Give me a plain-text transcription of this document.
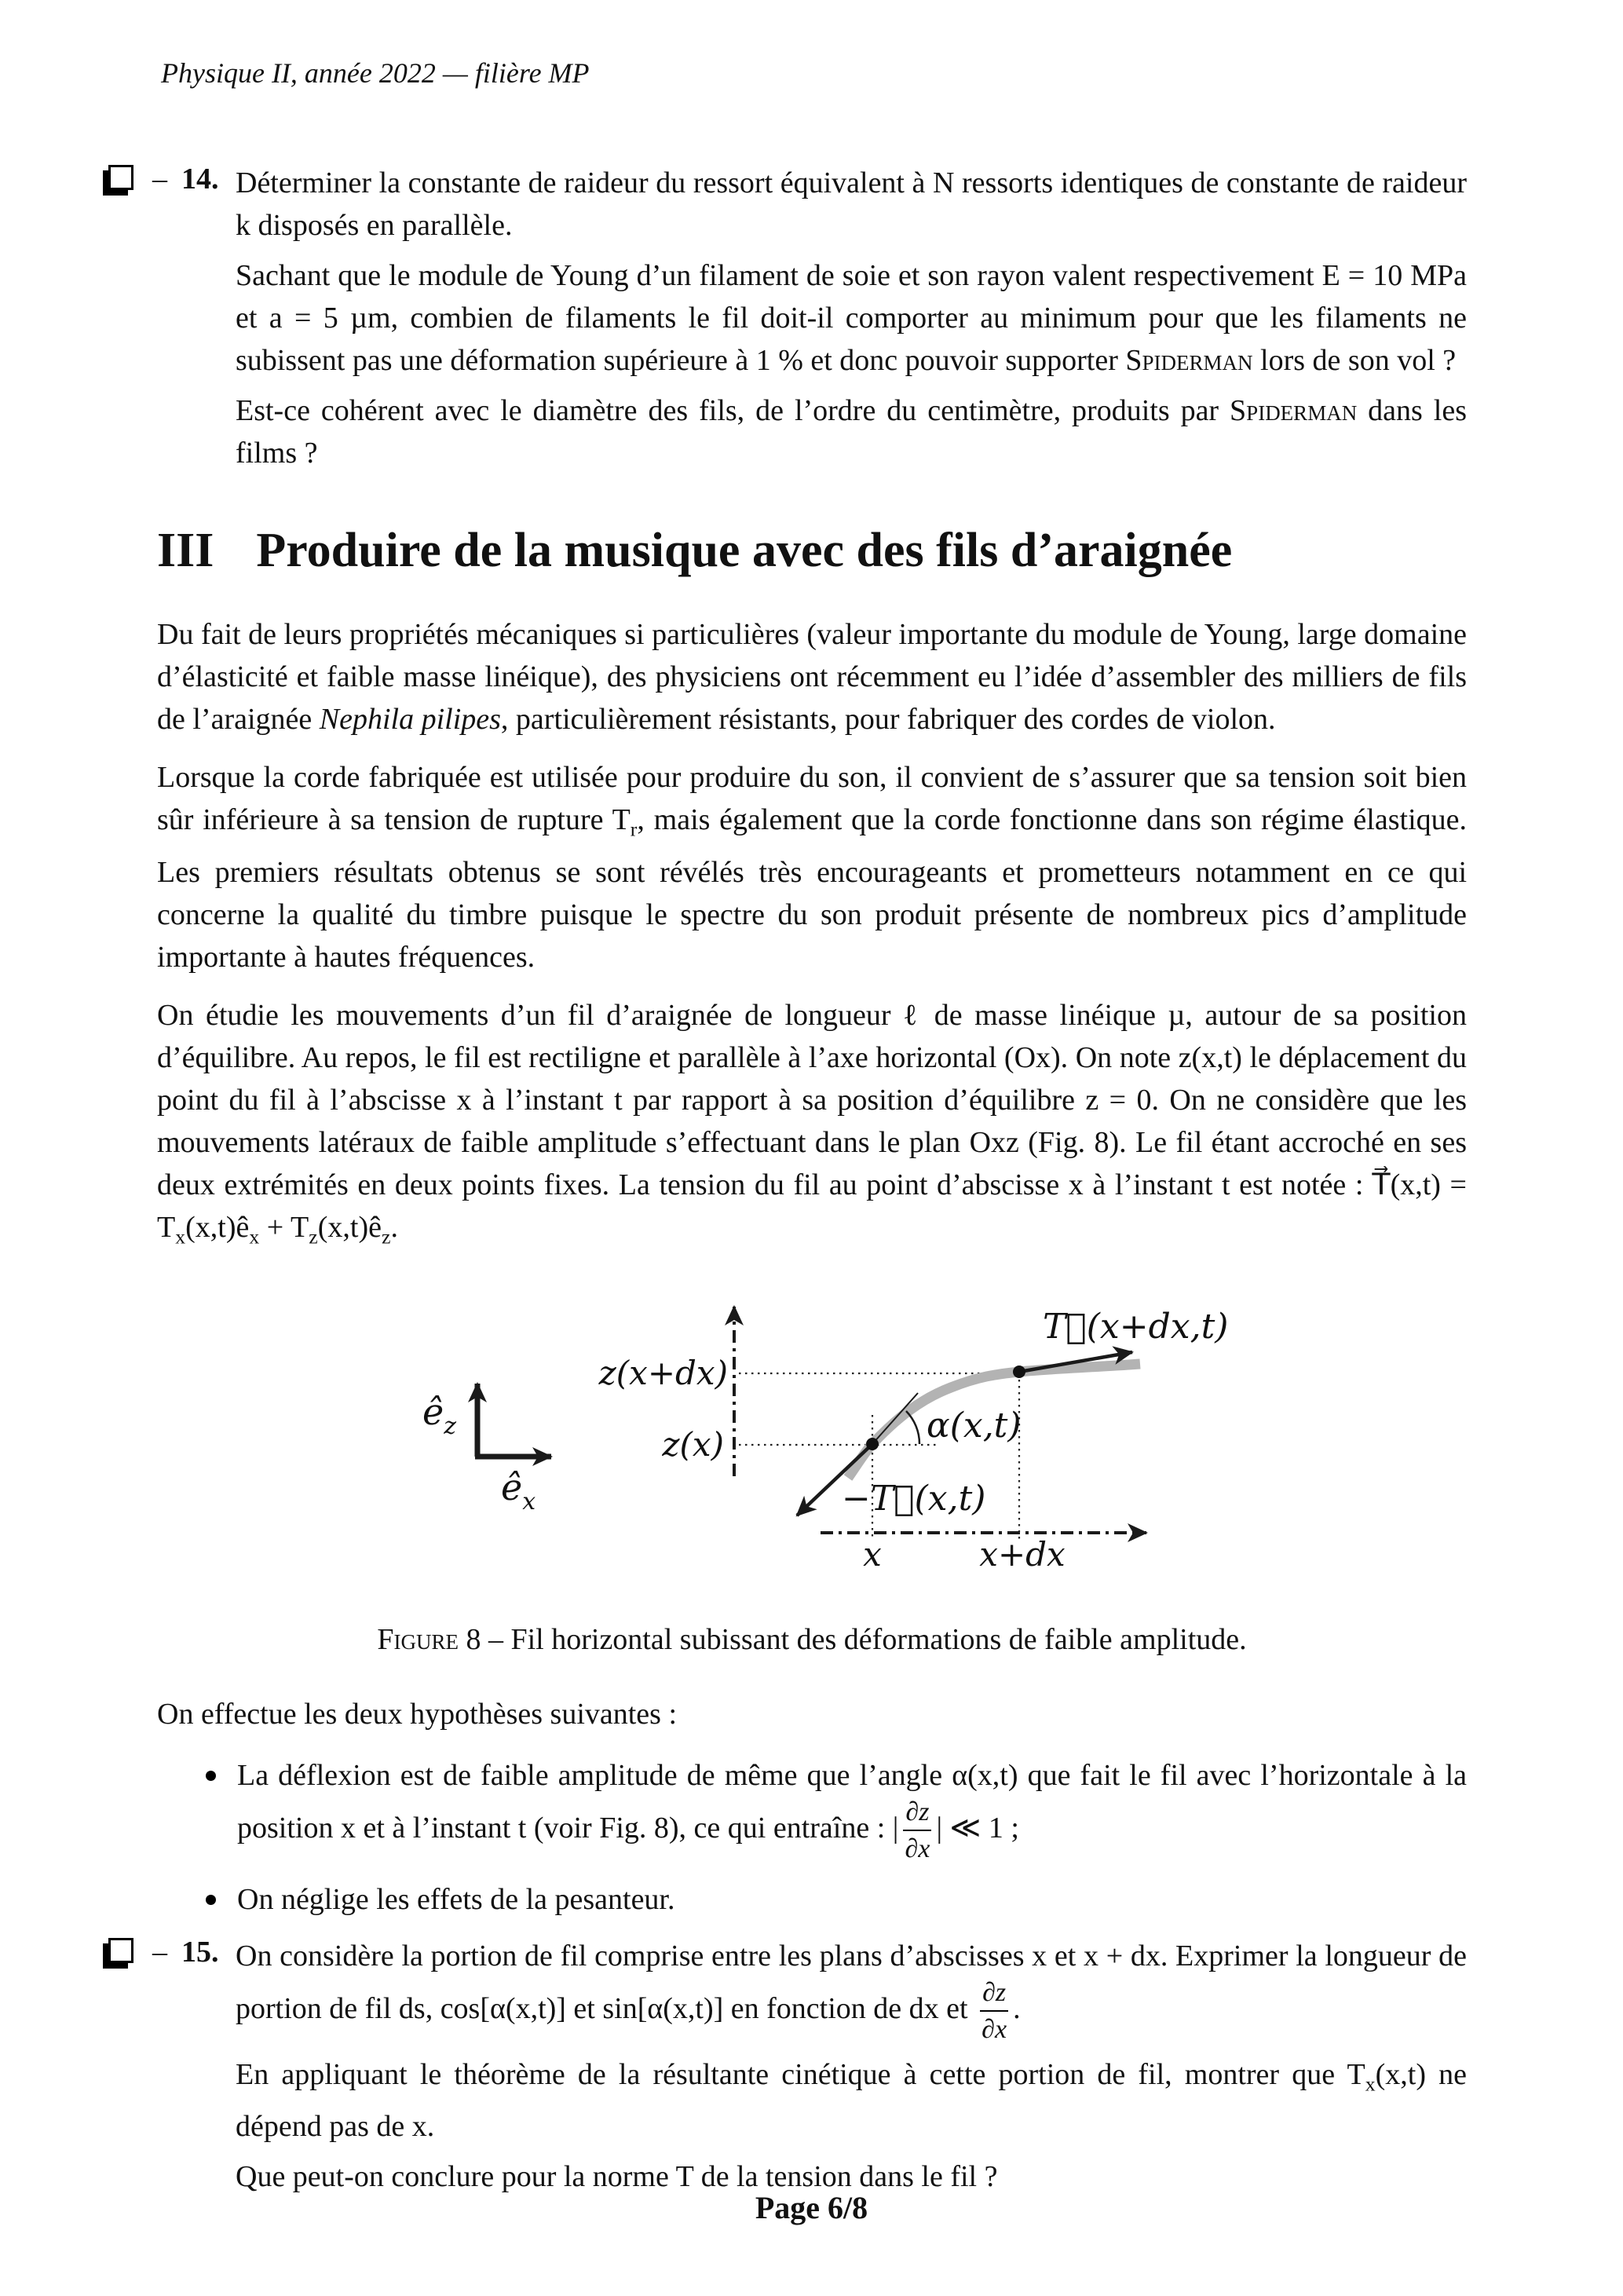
Physique II, année 2022 — filière MP
– 14. Déterminer la constante de raideur du ressort équivalent à N ressorts identiques de constante de raideur k disposés en parallèle.

Sachant que le module de Young d’un filament de soie et son rayon valent respectivement E = 10 MPa et a = 5 µm, combien de filaments le fil doit-il comporter au minimum pour que les filaments ne subissent pas une déformation supérieure à 1 % et donc pouvoir supporter Spiderman lors de son vol ?

Est-ce cohérent avec le diamètre des fils, de l’ordre du centimètre, produits par Spiderman dans les films ?

III Produire de la musique avec des fils d’araignée

Du fait de leurs propriétés mécaniques si particulières (valeur importante du module de Young, large domaine d’élasticité et faible masse linéique), des physiciens ont récemment eu l’idée d’assembler des milliers de fils de l’araignée Nephila pilipes, particulièrement résistants, pour fabriquer des cordes de violon.

Lorsque la corde fabriquée est utilisée pour produire du son, il convient de s’assurer que sa tension soit bien sûr inférieure à sa tension de rupture $T_r$, mais également que la corde fonctionne dans son régime élastique. Les premiers résultats obtenus se sont révélés très encourageants et prometteurs notamment en ce qui concerne la qualité du timbre puisque le spectre du son produit présente de nombreux pics d’amplitude importante à hautes fréquences.

On étudie les mouvements d’un fil d’araignée de longueur ℓ de masse linéique µ, autour de sa position d’équilibre. Au repos, le fil est rectiligne et parallèle à l’axe horizontal (Ox). On note z(x,t) le déplacement du point du fil à l’abscisse x à l’instant t par rapport à sa position d’équilibre z = 0. On ne considère que les mouvements latéraux de faible amplitude s’effectuant dans le plan Oxz (Fig. 8). Le fil étant accroché en ses deux extrémités en deux points fixes. La tension du fil au point d’abscisse x à l’instant t est notée : T⃗(x,t) = $T_x(x,t)ê_x$ + $T_z(x,t)ê_z$.

$ê_z$
$ê_x$
z(x+dx)
z(x)
T⃗(x+dx,t)
−T⃗(x,t)
α(x,t)
x	x+dx
Figure 8 – Fil horizontal subissant des déformations de faible amplitude.

On effectue les deux hypothèses suivantes :

La déflexion est de faible amplitude de même que l’angle α(x,t) que fait le fil avec l’horizontale à la position x et à l’instant t (voir Fig. 8), ce qui entraîne : | $\frac{\partial z}{\partial x}$ | ≪ 1 ;
On néglige les effets de la pesanteur.
– 15. On considère la portion de fil comprise entre les plans d’abscisses x et x + dx. Exprimer la longueur de portion de fil ds, cos[α(x,t)] et sin[α(x,t)] en fonction de dx et $\frac{\partial z}{\partial x}$ .

En appliquant le théorème de la résultante cinétique à cette portion de fil, montrer que $T_x(x,t)$ ne dépend pas de x.

Que peut-on conclure pour la norme T de la tension dans le fil ?

Page 6/8
